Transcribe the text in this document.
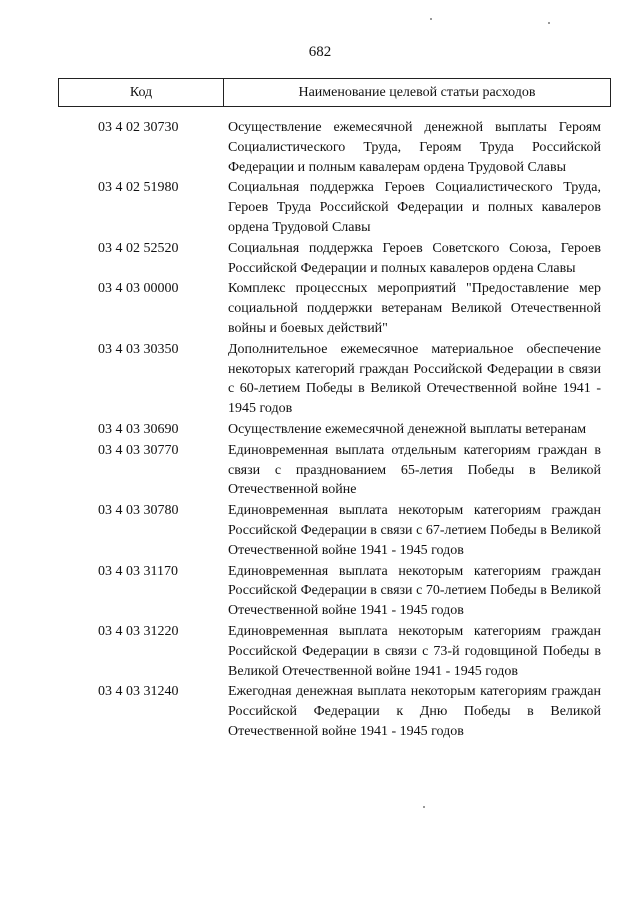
682
Код	Наименование целевой статьи расходов
03 4 02 30730	Осуществление ежемесячной денежной выплаты Героям Социалистического Труда, Героям Труда Российской Федерации и полным кавалерам ордена Трудовой Славы
03 4 02 51980	Социальная поддержка Героев Социалистического Труда, Героев Труда Российской Федерации и полных кавалеров ордена Трудовой Славы
03 4 02 52520	Социальная поддержка Героев Советского Союза, Героев Российской Федерации и полных кавалеров ордена Славы
03 4 03 00000	Комплекс процессных мероприятий "Предоставление мер социальной поддержки ветеранам Великой Отечественной войны и боевых действий"
03 4 03 30350	Дополнительное ежемесячное материальное обеспечение некоторых категорий граждан Российской Федерации в связи с 60-летием Победы в Великой Отечественной войне 1941 - 1945 годов
03 4 03 30690	Осуществление ежемесячной денежной выплаты ветеранам
03 4 03 30770	Единовременная выплата отдельным категориям граждан в связи с празднованием 65-летия Победы в Великой Отечественной войне
03 4 03 30780	Единовременная выплата некоторым категориям граждан Российской Федерации в связи с 67-летием Победы в Великой Отечественной войне 1941 - 1945 годов
03 4 03 31170	Единовременная выплата некоторым категориям граждан Российской Федерации в связи с 70-летием Победы в Великой Отечественной войне 1941 - 1945 годов
03 4 03 31220	Единовременная выплата некоторым категориям граждан Российской Федерации в связи с 73-й годовщиной Победы в Великой Отечественной войне 1941 - 1945 годов
03 4 03 31240	Ежегодная денежная выплата некоторым категориям граждан Российской Федерации к Дню Победы в Великой Отечественной войне 1941 - 1945 годов
